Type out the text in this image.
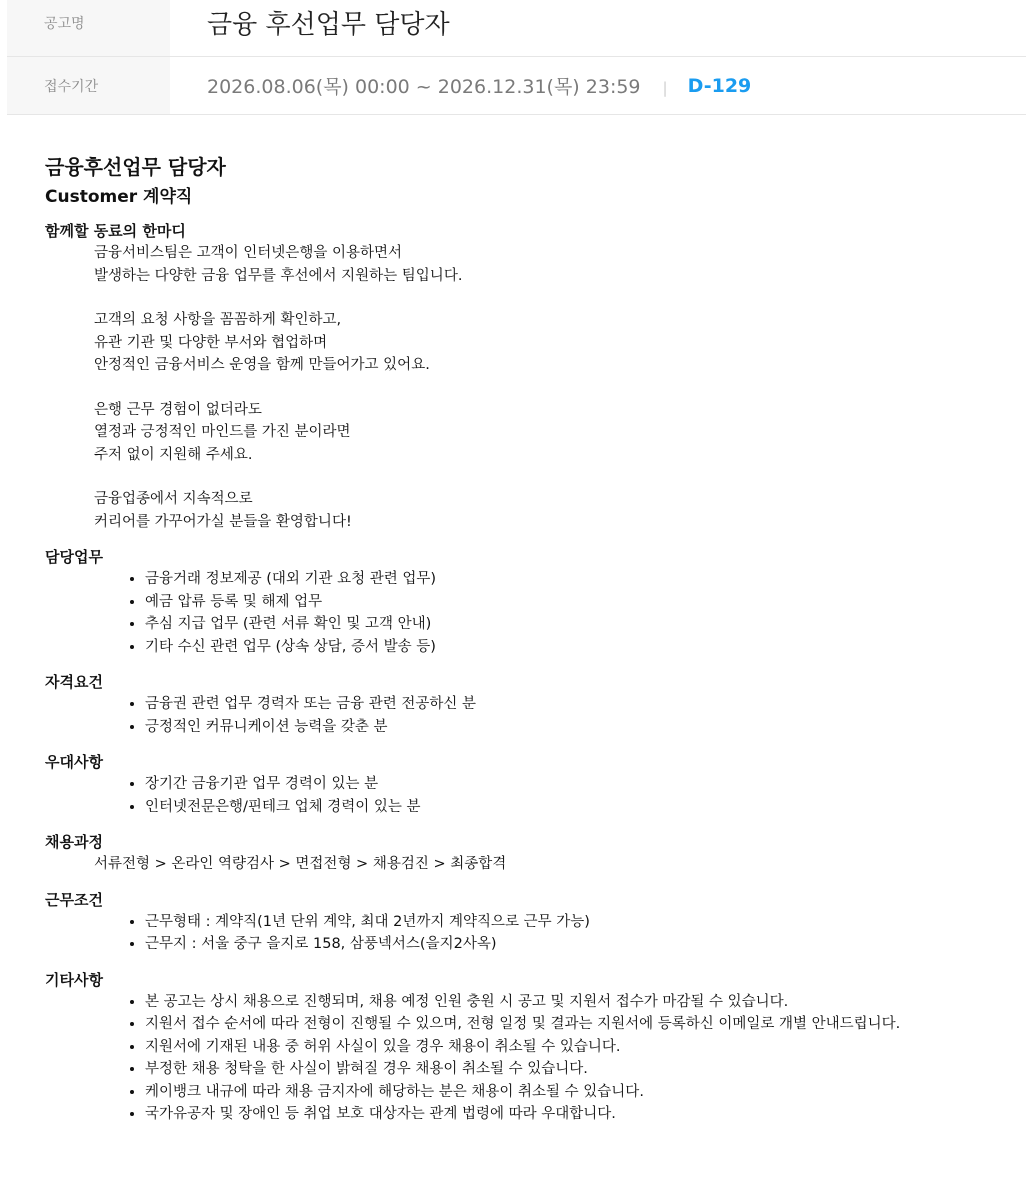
공고명	금융 후선업무 담당자
접수기간	2026.08.06(목) 00:00 ~ 2026.12.31(목) 23:59 | D-129
금융후선업무 담당자
Customer 계약직

함께할 동료의 한마디

금융서비스팀은 고객이 인터넷은행을 이용하면서

발생하는 다양한 금융 업무를 후선에서 지원하는 팀입니다.

고객의 요청 사항을 꼼꼼하게 확인하고,

유관 기관 및 다양한 부서와 협업하며

안정적인 금융서비스 운영을 함께 만들어가고 있어요.

은행 근무 경험이 없더라도

열정과 긍정적인 마인드를 가진 분이라면

주저 없이 지원해 주세요.

금융업종에서 지속적으로

커리어를 가꾸어가실 분들을 환영합니다!

담당업무

• 금융거래 정보제공 (대외 기관 요청 관련 업무)
• 예금 압류 등록 및 해제 업무
• 추심 지급 업무 (관련 서류 확인 및 고객 안내)
• 기타 수신 관련 업무 (상속 상담, 증서 발송 등)

자격요건

• 금융권 관련 업무 경력자 또는 금융 관련 전공하신 분
• 긍정적인 커뮤니케이션 능력을 갖춘 분

우대사항

• 장기간 금융기관 업무 경력이 있는 분
• 인터넷전문은행/핀테크 업체 경력이 있는 분

채용과정

서류전형 > 온라인 역량검사 > 면접전형 > 채용검진 > 최종합격

근무조건

• 근무형태 : 계약직(1년 단위 계약, 최대 2년까지 계약직으로 근무 가능)
• 근무지 : 서울 중구 을지로 158, 삼풍넥서스(을지2사옥)

기타사항

• 본 공고는 상시 채용으로 진행되며, 채용 예정 인원 충원 시 공고 및 지원서 접수가 마감될 수 있습니다.
• 지원서 접수 순서에 따라 전형이 진행될 수 있으며, 전형 일정 및 결과는 지원서에 등록하신 이메일로 개별 안내드립니다.
• 지원서에 기재된 내용 중 허위 사실이 있을 경우 채용이 취소될 수 있습니다.
• 부정한 채용 청탁을 한 사실이 밝혀질 경우 채용이 취소될 수 있습니다.
• 케이뱅크 내규에 따라 채용 금지자에 해당하는 분은 채용이 취소될 수 있습니다.
• 국가유공자 및 장애인 등 취업 보호 대상자는 관계 법령에 따라 우대합니다.
